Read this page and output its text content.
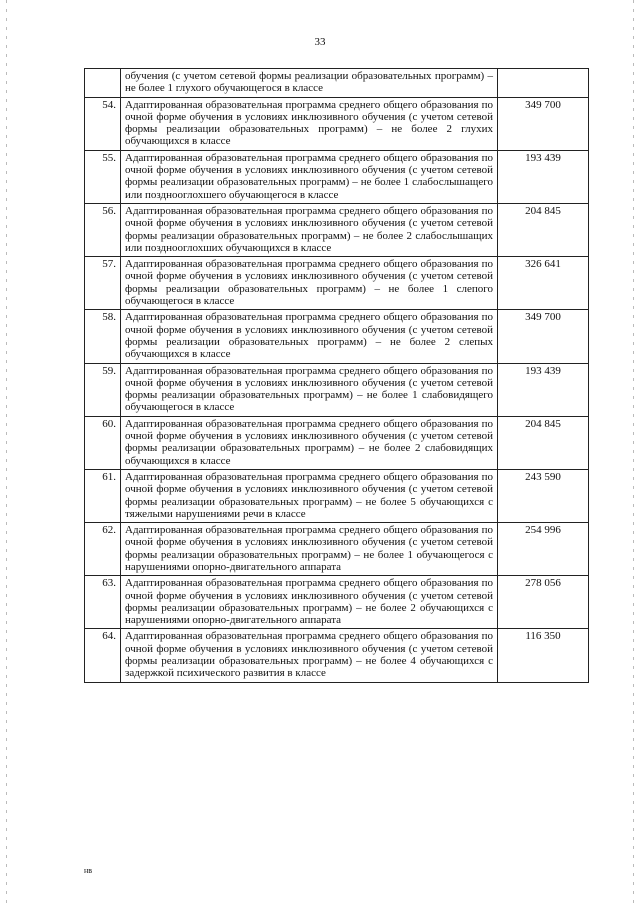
33
	обучения (с учетом сетевой формы реализации образовательных программ) – не более 1 глухого обучающегося в классе	
54.	Адаптированная образовательная программа среднего общего образования по очной форме обучения в условиях инклюзивного обучения (с учетом сетевой формы реализации образовательных программ) – не более 2 глухих обучающихся в классе	349 700
55.	Адаптированная образовательная программа среднего общего образования по очной форме обучения в условиях инклюзивного обучения (с учетом сетевой формы реализации образовательных программ) – не более 1 слабослышащего или позднооглохшего обучающегося в классе	193 439
56.	Адаптированная образовательная программа среднего общего образования по очной форме обучения в условиях инклюзивного обучения (с учетом сетевой формы реализации образовательных программ) – не более 2 слабослышащих или позднооглохших обучающихся в классе	204 845
57.	Адаптированная образовательная программа среднего общего образования по очной форме обучения в условиях инклюзивного обучения (с учетом сетевой формы реализации образовательных программ) – не более 1 слепого обучающегося в классе	326 641
58.	Адаптированная образовательная программа среднего общего образования по очной форме обучения в условиях инклюзивного обучения (с учетом сетевой формы реализации образовательных программ) – не более 2 слепых обучающихся в классе	349 700
59.	Адаптированная образовательная программа среднего общего образования по очной форме обучения в условиях инклюзивного обучения (с учетом сетевой формы реализации образовательных программ) – не более 1 слабовидящего обучающегося в классе	193 439
60.	Адаптированная образовательная программа среднего общего образования по очной форме обучения в условиях инклюзивного обучения (с учетом сетевой формы реализации образовательных программ) – не более 2 слабовидящих обучающихся в классе	204 845
61.	Адаптированная образовательная программа среднего общего образования по очной форме обучения в условиях инклюзивного обучения (с учетом сетевой формы реализации образовательных программ) – не более 5 обучающихся с тяжелыми нарушениями речи в классе	243 590
62.	Адаптированная образовательная программа среднего общего образования по очной форме обучения в условиях инклюзивного обучения (с учетом сетевой формы реализации образовательных программ) – не более 1 обучающегося с нарушениями опорно-двигательного аппарата	254 996
63.	Адаптированная образовательная программа среднего общего образования по очной форме обучения в условиях инклюзивного обучения (с учетом сетевой формы реализации образовательных программ) – не более 2 обучающихся с нарушениями опорно-двигательного аппарата	278 056
64.	Адаптированная образовательная программа среднего общего образования по очной форме обучения в условиях инклюзивного обучения (с учетом сетевой формы реализации образовательных программ) – не более 4 обучающихся с задержкой психического развития в классе	116 350
нв
